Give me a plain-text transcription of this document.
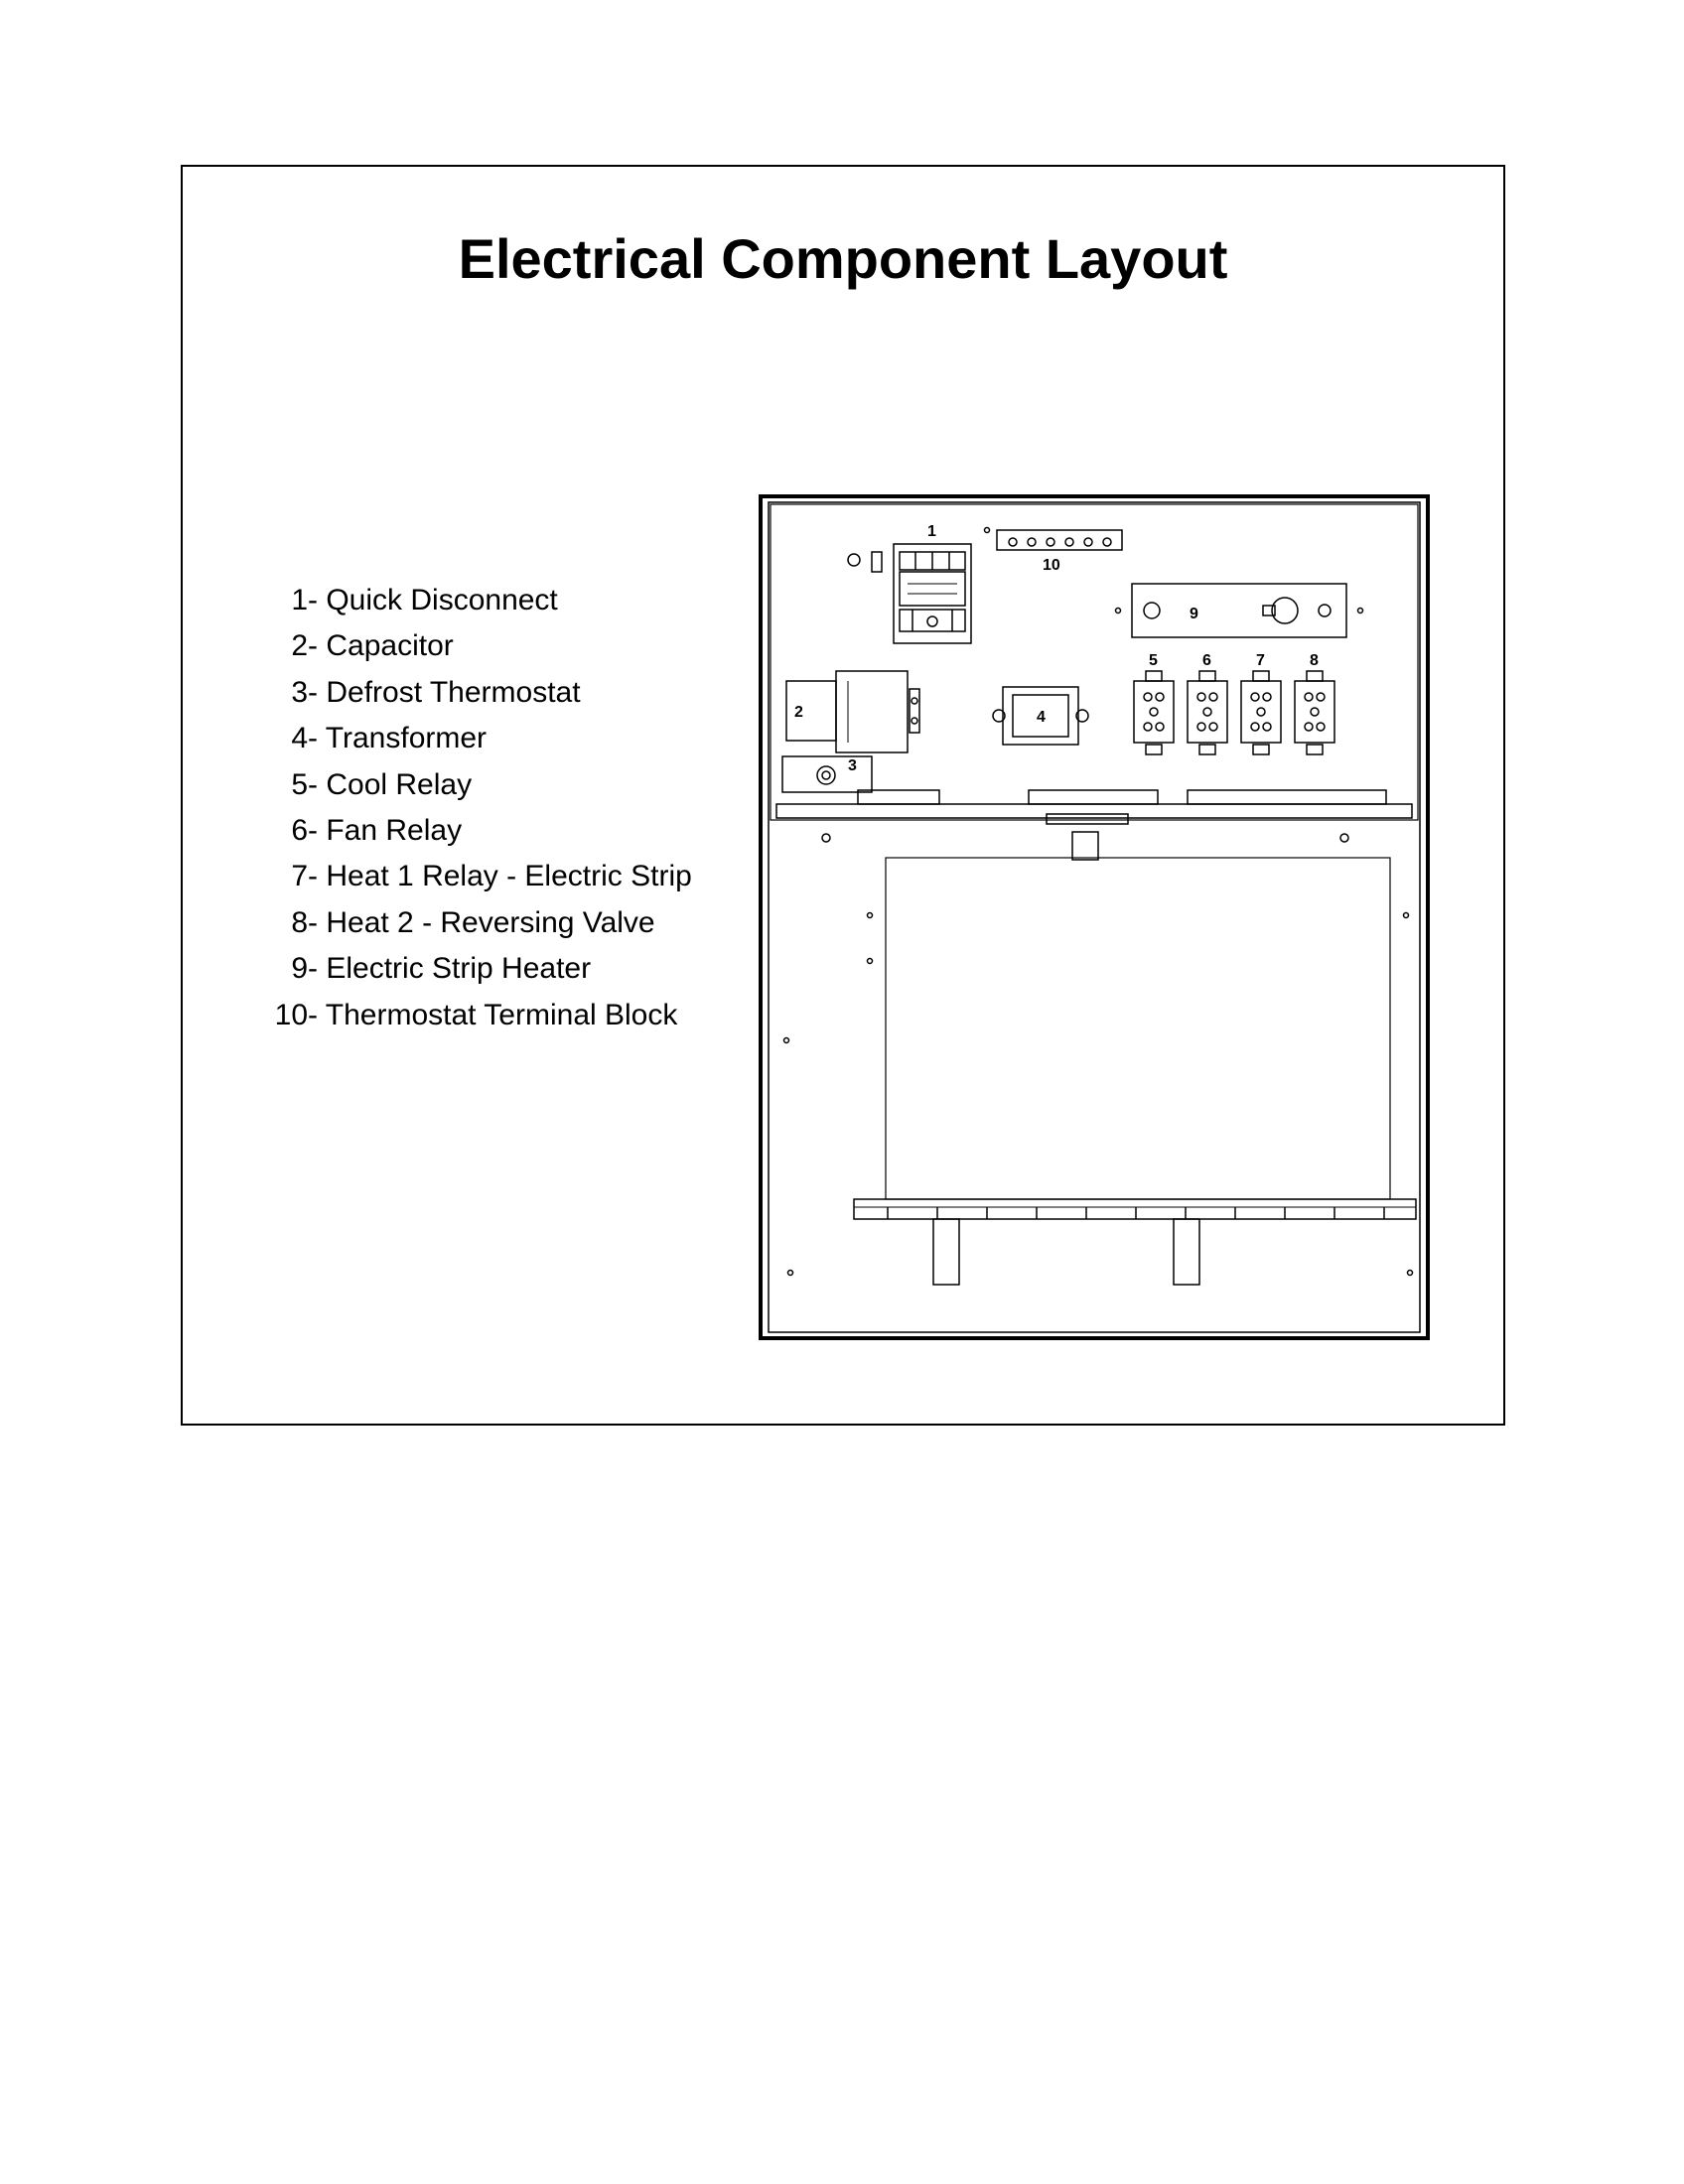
Electrical Component Layout
1- Quick Disconnect
2- Capacitor
3- Defrost Thermostat
4- Transformer
5- Cool Relay
6- Fan Relay
7- Heat 1 Relay - Electric Strip
8- Heat 2 - Reversing Valve
9- Electric Strip Heater
10- Thermostat Terminal Block
1
2
3
4
5	6	7	8
9
10
